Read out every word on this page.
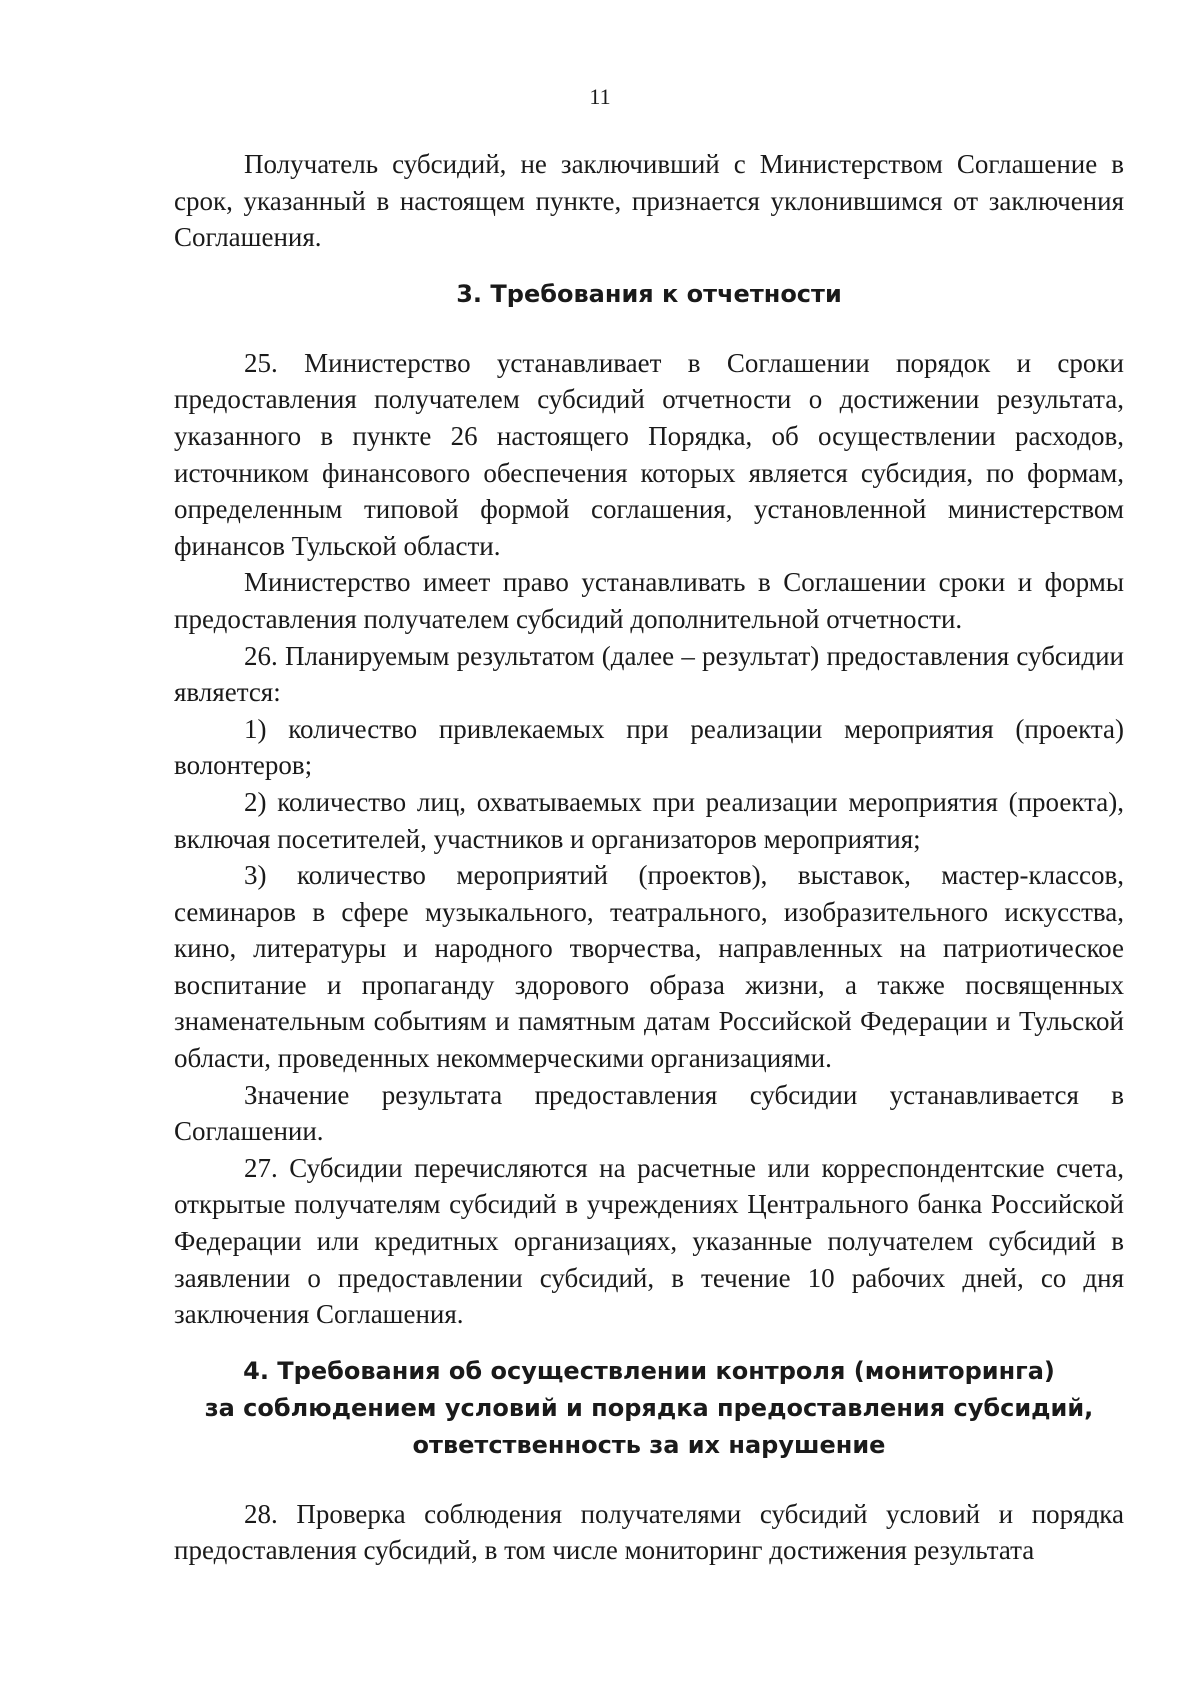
11

Получатель субсидий, не заключивший с Министерством Соглашение в срок, указанный в настоящем пункте, признается уклонившимся от заключения Соглашения.

3. Требования к отчетности

25. Министерство устанавливает в Соглашении порядок и сроки предоставления получателем субсидий отчетности о достижении результата, указанного в пункте 26 настоящего Порядка, об осуществлении расходов, источником финансового обеспечения которых является субсидия, по формам, определенным типовой формой соглашения, установленной министерством финансов Тульской области.

Министерство имеет право устанавливать в Соглашении сроки и формы предоставления получателем субсидий дополнительной отчетности.

26. Планируемым результатом (далее – результат) предоставления субсидии является:

1) количество привлекаемых при реализации мероприятия (проекта) волонтеров;

2) количество лиц, охватываемых при реализации мероприятия (проекта), включая посетителей, участников и организаторов мероприятия;

3) количество мероприятий (проектов), выставок, мастер-классов, семинаров в сфере музыкального, театрального, изобразительного искусства, кино, литературы и народного творчества, направленных на патриотическое воспитание и пропаганду здорового образа жизни, а также посвященных знаменательным событиям и памятным датам Российской Федерации и Тульской области, проведенных некоммерческими организациями.

Значение результата предоставления субсидии устанавливается в Соглашении.

27. Субсидии перечисляются на расчетные или корреспондентские счета, открытые получателям субсидий в учреждениях Центрального банка Российской Федерации или кредитных организациях, указанные получателем субсидий в заявлении о предоставлении субсидий, в течение 10 рабочих дней, со дня заключения Соглашения.

4. Требования об осуществлении контроля (мониторинга)

за соблюдением условий и порядка предоставления субсидий,

ответственность за их нарушение

28. Проверка соблюдения получателями субсидий условий и порядка предоставления субсидий, в том числе мониторинг достижения результата
